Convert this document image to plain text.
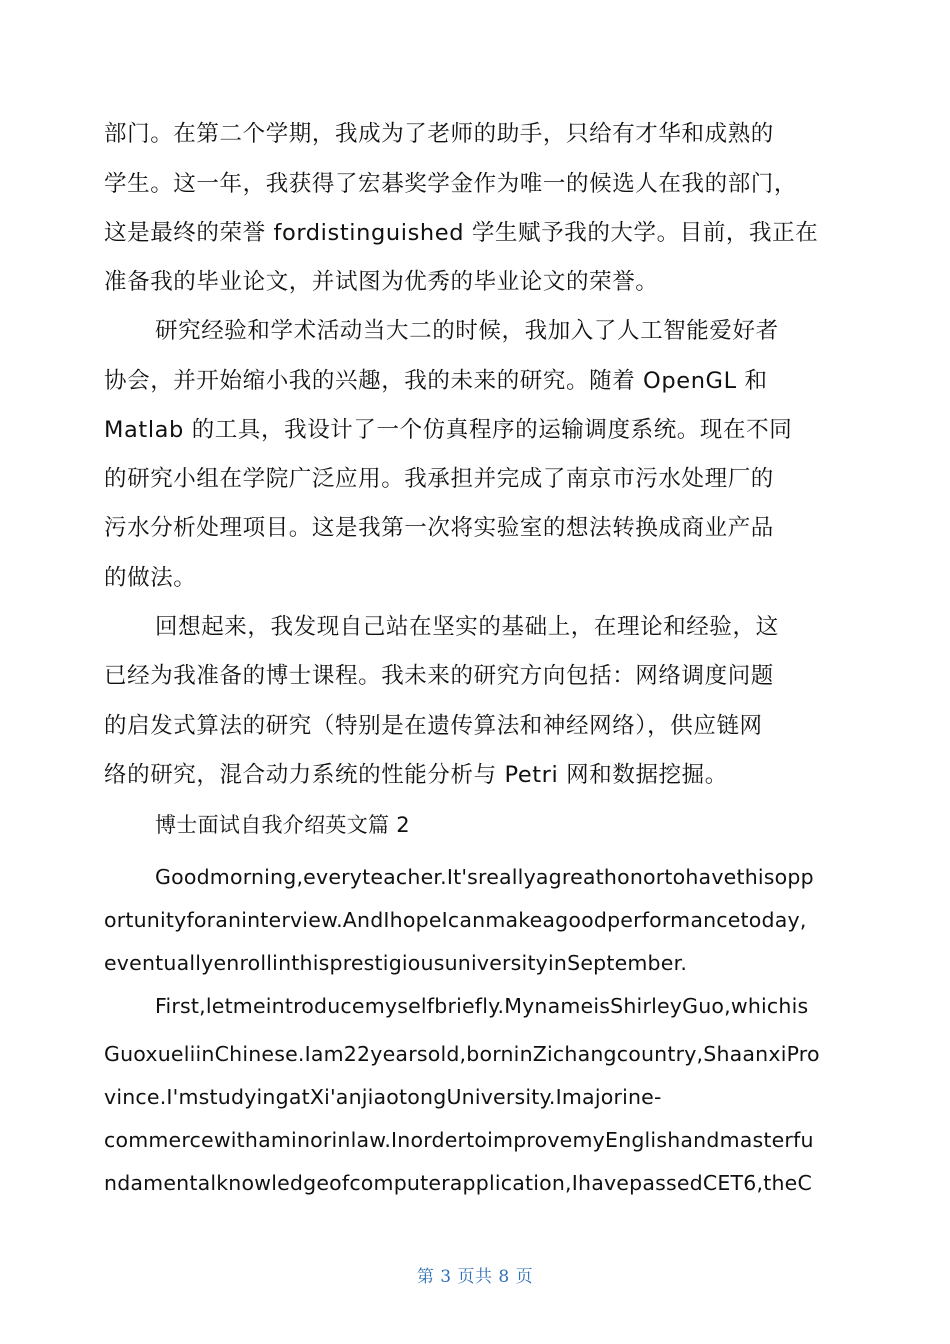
部门。在第二个学期，我成为了老师的助手，只给有才华和成熟的
学生。这一年，我获得了宏碁奖学金作为唯一的候选人在我的部门，
这是最终的荣誉 fordistinguished 学生赋予我的大学。目前，我正在
准备我的毕业论文，并试图为优秀的毕业论文的荣誉。
研究经验和学术活动当大二的时候，我加入了人工智能爱好者
协会，并开始缩小我的兴趣，我的未来的研究。随着 OpenGL 和
Matlab 的工具，我设计了一个仿真程序的运输调度系统。现在不同
的研究小组在学院广泛应用。我承担并完成了南京市污水处理厂的
污水分析处理项目。这是我第一次将实验室的想法转换成商业产品
的做法。
回想起来，我发现自己站在坚实的基础上，在理论和经验，这
已经为我准备的博士课程。我未来的研究方向包括：网络调度问题
的启发式算法的研究（特别是在遗传算法和神经网络），供应链网
络的研究，混合动力系统的性能分析与 Petri 网和数据挖掘。
博士面试自我介绍英文篇 2
Goodmorning,everyteacher.It'sreallyagreathonortohavethisopp
ortunityforaninterview.AndIhopeIcanmakeagoodperformancetoday,
eventuallyenrollinthisprestigiousuniversityinSeptember.
First,letmeintroducemyselfbriefly.MynameisShirleyGuo,whichis
GuoxueliinChinese.Iam22yearsold,borninZichangcountry,ShaanxiPro
vince.I'mstudyingatXi'anjiaotongUniversity.Imajorine-
commercewithaminorinlaw.InordertoimprovemyEnglishandmasterfu
ndamentalknowledgeofcomputerapplication,IhavepassedCET6,theC
第 3 页共 8 页
